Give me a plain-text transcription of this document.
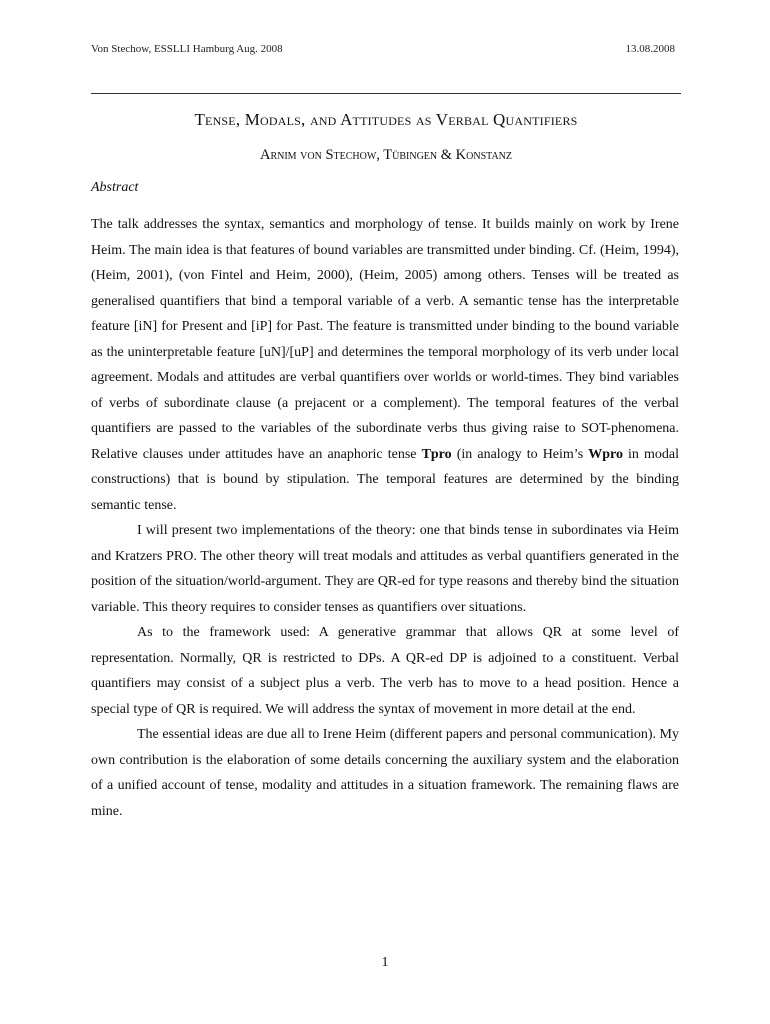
Von Stechow, ESSLLI Hamburg Aug. 2008	13.08.2008
Tense, Modals, and Attitudes as Verbal Quantifiers
Arnim von Stechow, Tübingen & Konstanz
Abstract

The talk addresses the syntax, semantics and morphology of tense. It builds mainly on work by Irene Heim. The main idea is that features of bound variables are transmitted under binding. Cf. (Heim, 1994), (Heim, 2001), (von Fintel and Heim, 2000), (Heim, 2005) among others. Tenses will be treated as generalised quantifiers that bind a temporal variable of a verb. A semantic tense has the interpretable feature [iN] for Present and [iP] for Past. The feature is transmitted under binding to the bound variable as the uninterpretable feature [uN]/[uP] and determines the temporal morphology of its verb under local agreement. Modals and attitudes are verbal quantifiers over worlds or world-times. They bind variables of verbs of subordinate clause (a prejacent or a complement). The temporal features of the verbal quantifiers are passed to the variables of the subordinate verbs thus giving raise to SOT-phenomena. Relative clauses under attitudes have an anaphoric tense Tpro (in analogy to Heim’s Wpro in modal constructions) that is bound by stipulation. The temporal features are determined by the binding semantic tense.

I will present two implementations of the theory: one that binds tense in subordinates via Heim and Kratzers PRO. The other theory will treat modals and attitudes as verbal quantifiers generated in the position of the situation/world-argument. They are QR-ed for type reasons and thereby bind the situation variable. This theory requires to consider tenses as quantifiers over situations.

As to the framework used: A generative grammar that allows QR at some level of representation. Normally, QR is restricted to DPs. A QR-ed DP is adjoined to a constituent. Verbal quantifiers may consist of a subject plus a verb. The verb has to move to a head position. Hence a special type of QR is required. We will address the syntax of movement in more detail at the end.

The essential ideas are due all to Irene Heim (different papers and personal communication). My own contribution is the elaboration of some details concerning the auxiliary system and the elaboration of a unified account of tense, modality and attitudes in a situation framework. The remaining flaws are mine.

1
